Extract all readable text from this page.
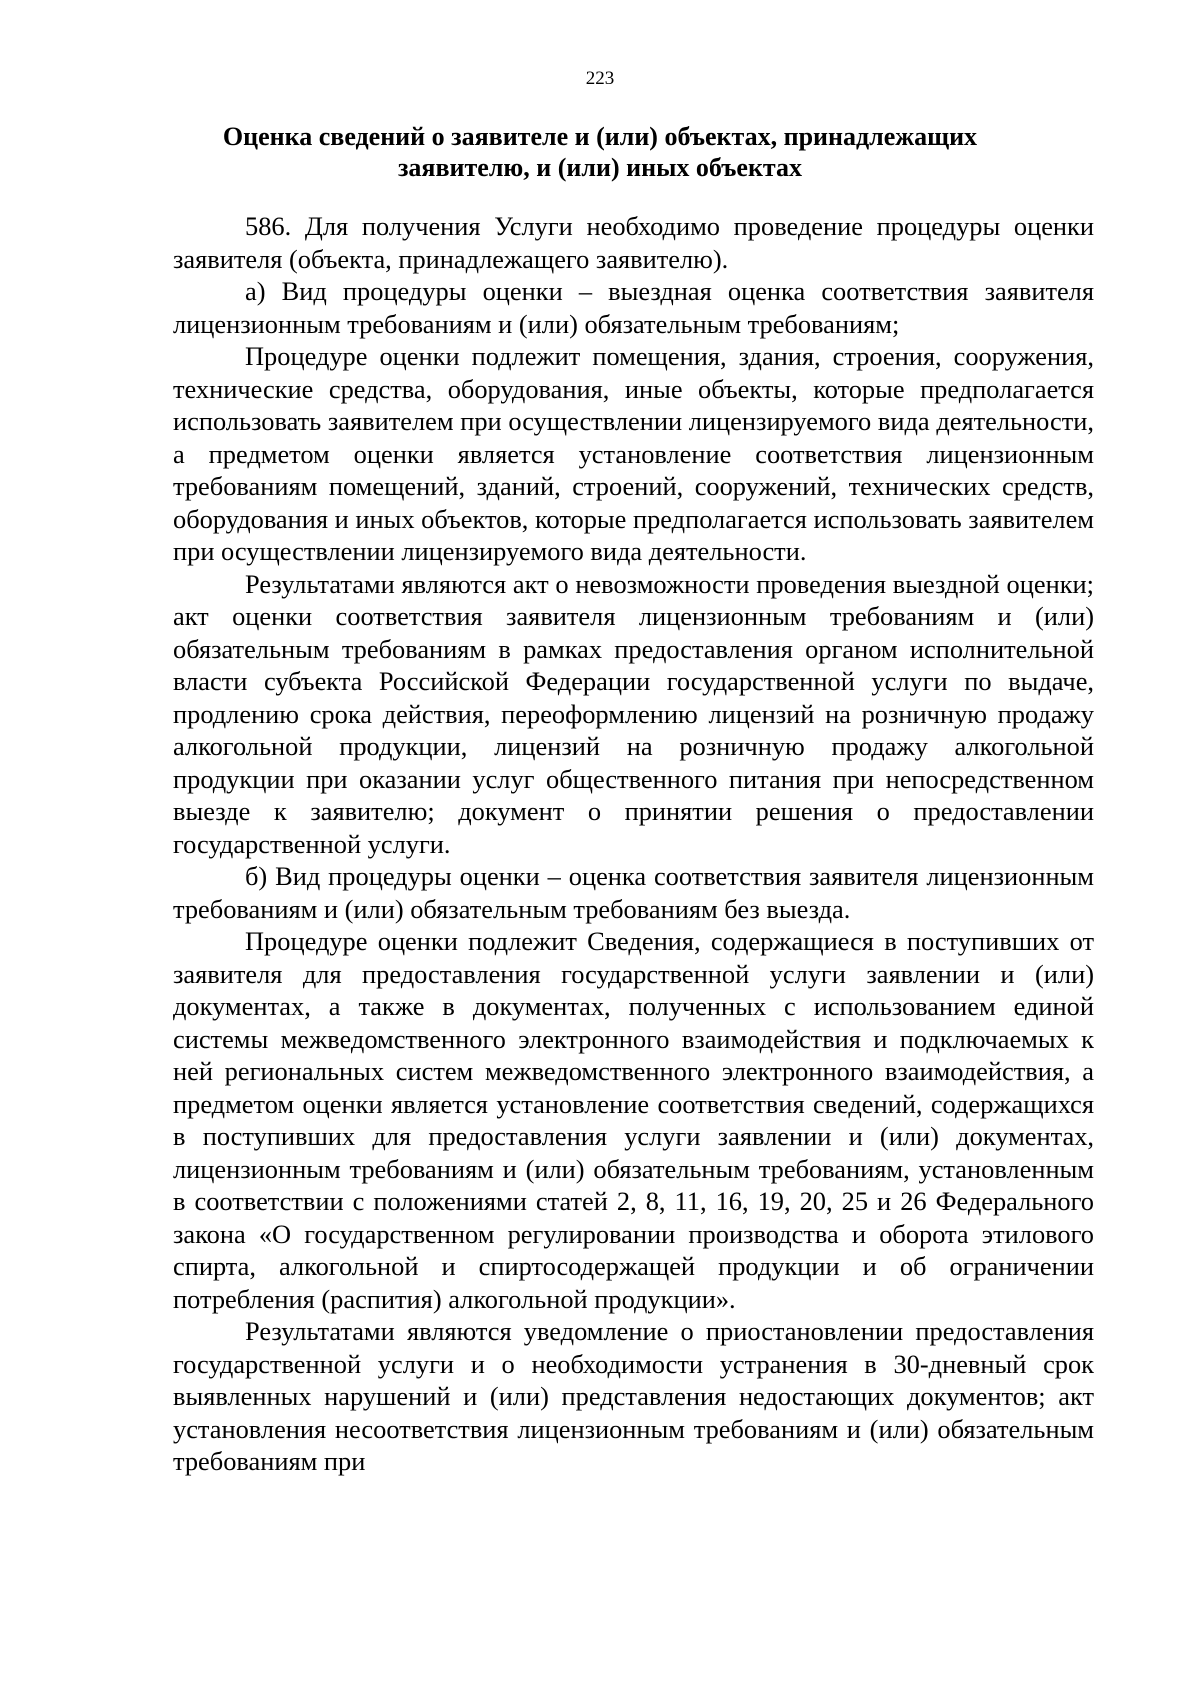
223
Оценка сведений о заявителе и (или) объектах, принадлежащих заявителю, и (или) иных объектах

586. Для получения Услуги необходимо проведение процедуры оценки заявителя (объекта, принадлежащего заявителю).

а) Вид процедуры оценки – выездная оценка соответствия заявителя лицензионным требованиям и (или) обязательным требованиям;

Процедуре оценки подлежит помещения, здания, строения, сооружения, технические средства, оборудования, иные объекты, которые предполагается использовать заявителем при осуществлении лицензируемого вида деятельности, а предметом оценки является установление соответствия лицензионным требованиям помещений, зданий, строений, сооружений, технических средств, оборудования и иных объектов, которые предполагается использовать заявителем при осуществлении лицензируемого вида деятельности.

Результатами являются акт о невозможности проведения выездной оценки; акт оценки соответствия заявителя лицензионным требованиям и (или) обязательным требованиям в рамках предоставления органом исполнительной власти субъекта Российской Федерации государственной услуги по выдаче, продлению срока действия, переоформлению лицензий на розничную продажу алкогольной продукции, лицензий на розничную продажу алкогольной продукции при оказании услуг общественного питания при непосредственном выезде к заявителю; документ о принятии решения о предоставлении государственной услуги.

б) Вид процедуры оценки – оценка соответствия заявителя лицензионным требованиям и (или) обязательным требованиям без выезда.

Процедуре оценки подлежит Сведения, содержащиеся в поступивших от заявителя для предоставления государственной услуги заявлении и (или) документах, а также в документах, полученных с использованием единой системы межведомственного электронного взаимодействия и подключаемых к ней региональных систем межведомственного электронного взаимодействия, а предметом оценки является установление соответствия сведений, содержащихся в поступивших для предоставления услуги заявлении и (или) документах, лицензионным требованиям и (или) обязательным требованиям, установленным в соответствии с положениями статей 2, 8, 11, 16, 19, 20, 25 и 26 Федерального закона «О государственном регулировании производства и оборота этилового спирта, алкогольной и спиртосодержащей продукции и об ограничении потребления (распития) алкогольной продукции».

Результатами являются уведомление о приостановлении предоставления государственной услуги и о необходимости устранения в 30-дневный срок выявленных нарушений и (или) представления недостающих документов; акт установления несоответствия лицензионным требованиям и (или) обязательным требованиям при
